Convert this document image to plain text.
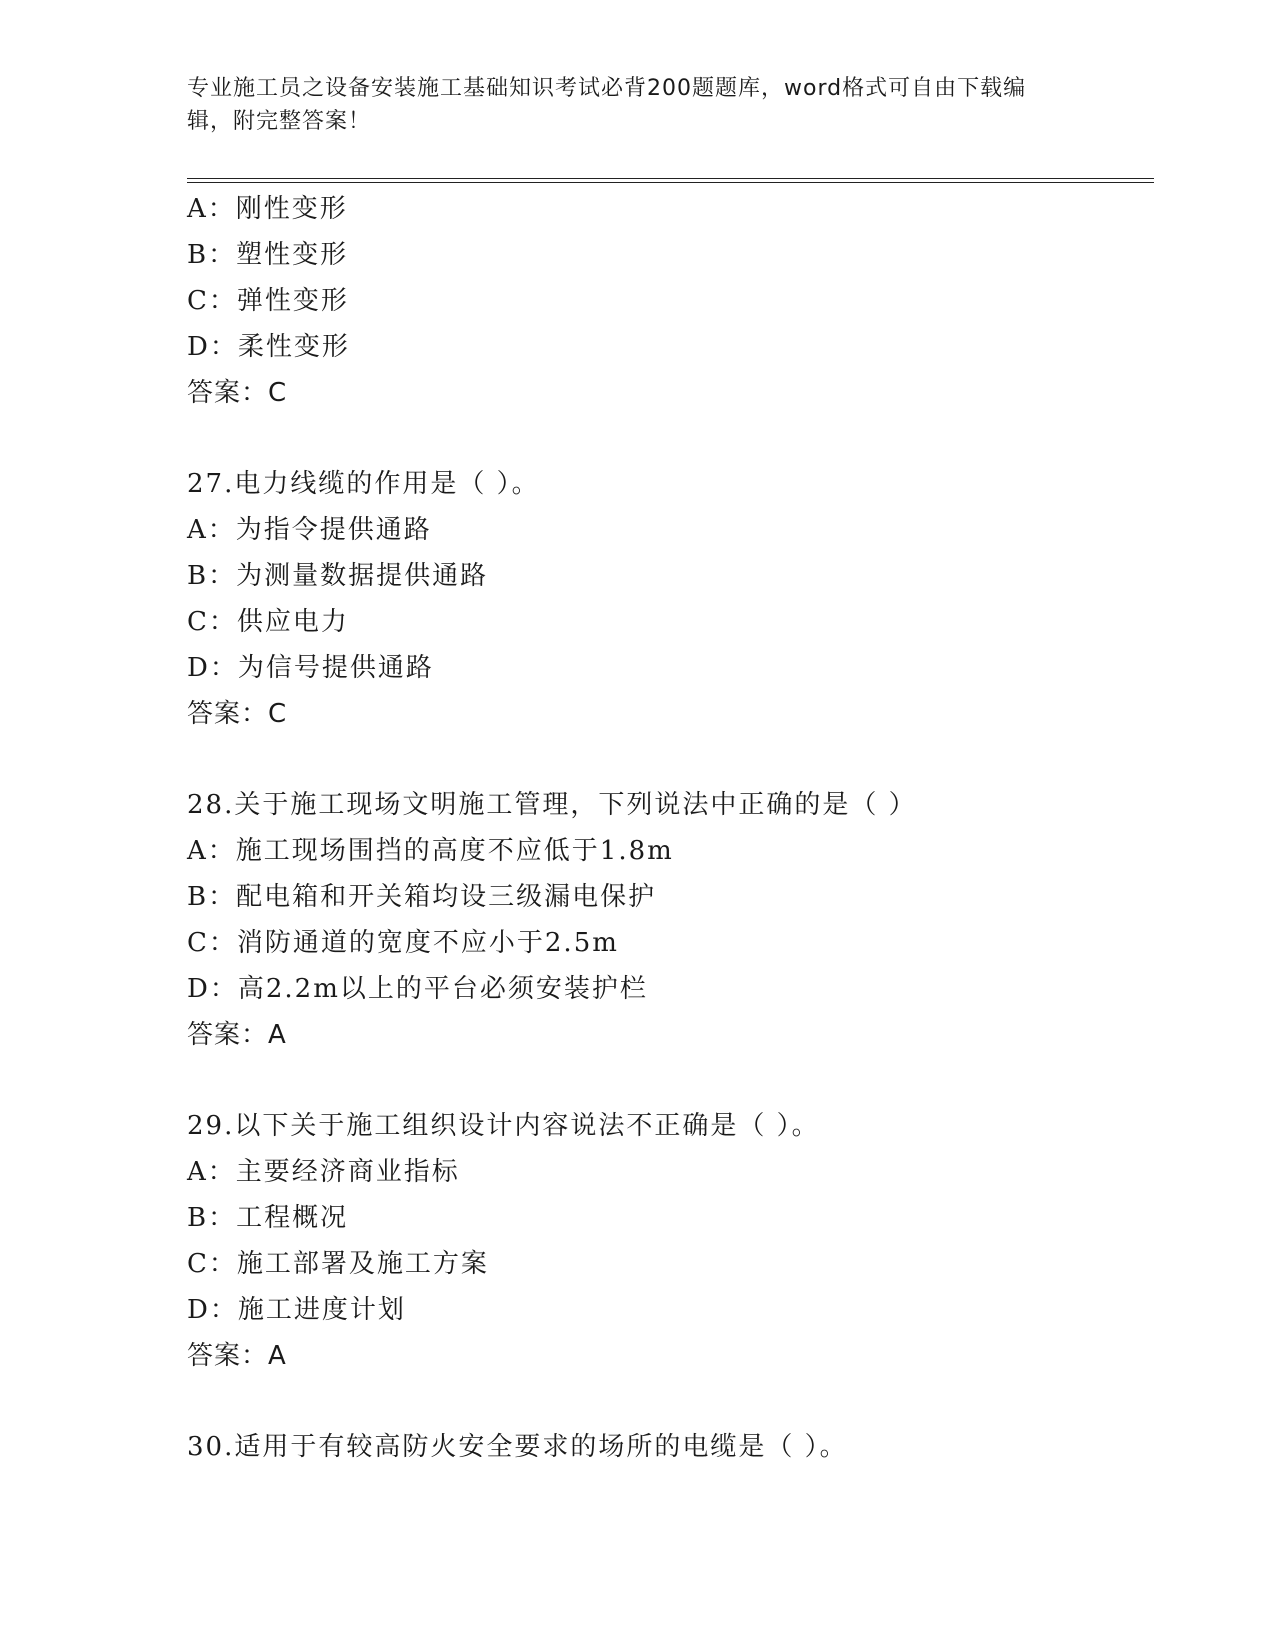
专业施工员之设备安装施工基础知识考试必背200题题库，word格式可自由下载编辑，附完整答案！
A：刚性变形
B：塑性变形
C：弹性变形
D：柔性变形
答案：C
27.电力线缆的作用是（ ）。
A：为指令提供通路
B：为测量数据提供通路
C：供应电力
D：为信号提供通路
答案：C
28.关于施工现场文明施工管理，下列说法中正确的是（ ）
A：施工现场围挡的高度不应低于1.8m
B：配电箱和开关箱均设三级漏电保护
C：消防通道的宽度不应小于2.5m
D：高2.2m以上的平台必须安装护栏
答案：A
29.以下关于施工组织设计内容说法不正确是（ ）。
A：主要经济商业指标
B：工程概况
C：施工部署及施工方案
D：施工进度计划
答案：A
30.适用于有较高防火安全要求的场所的电缆是（ ）。
